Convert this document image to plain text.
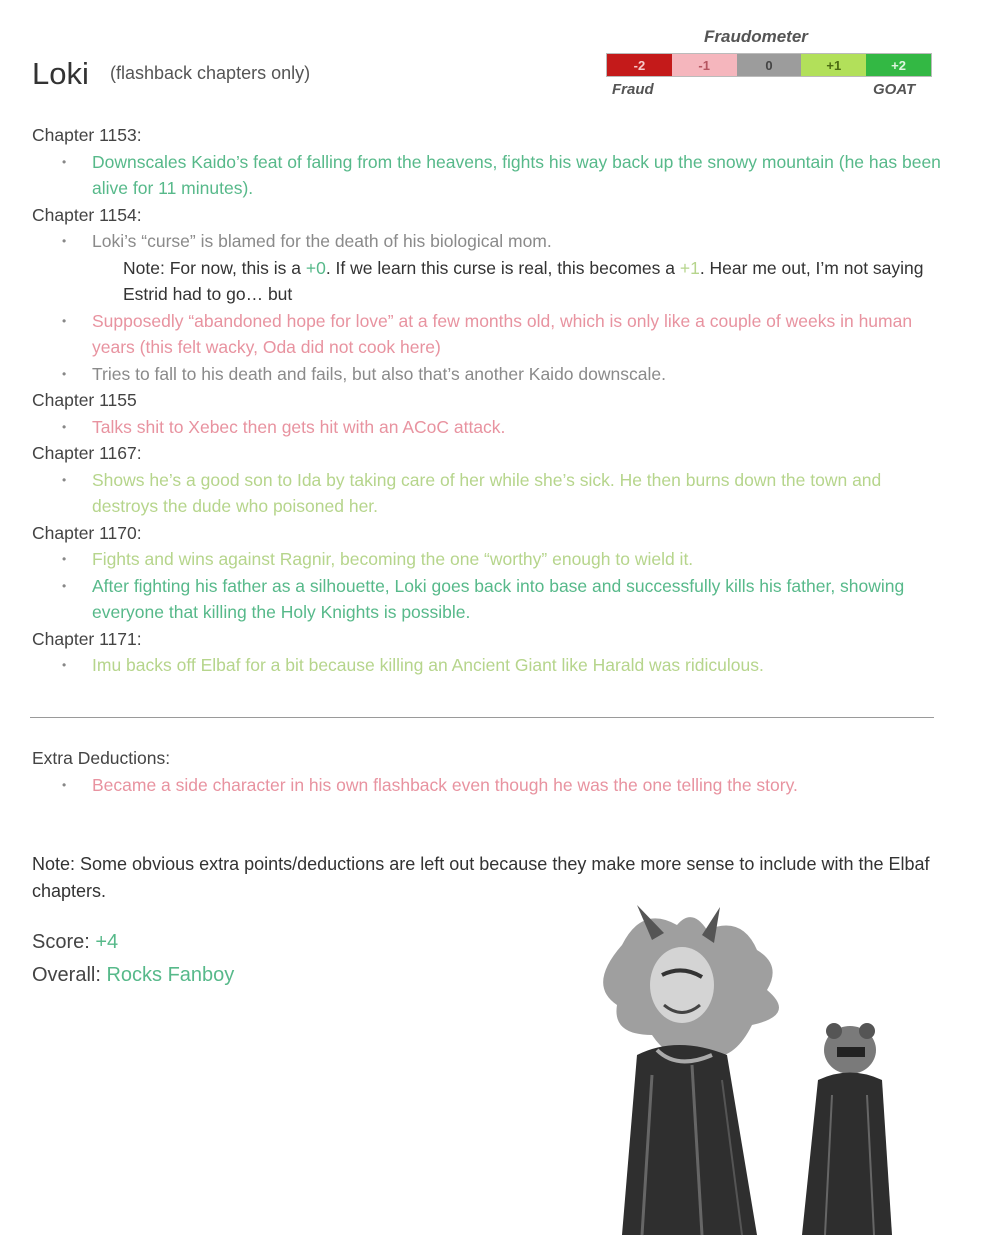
Loki (flashback chapters only)
Fraudometer
-2	-1	0	+1	+2
Fraud	GOAT

Chapter 1153:

• Downscales Kaido’s feat of falling from the heavens, fights his way back up the snowy mountain (he has been alive for 11 minutes).

Chapter 1154:

• Loki’s “curse” is blamed for the death of his biological mom.
Note: For now, this is a +0. If we learn this curse is real, this becomes a +1. Hear me out, I’m not saying Estrid had to go… but
• Supposedly “abandoned hope for love” at a few months old, which is only like a couple of weeks in human years (this felt wacky, Oda did not cook here)
• Tries to fall to his death and fails, but also that’s another Kaido downscale.

Chapter 1155

• Talks shit to Xebec then gets hit with an ACoC attack.

Chapter 1167:

• Shows he’s a good son to Ida by taking care of her while she’s sick. He then burns down the town and destroys the dude who poisoned her.

Chapter 1170:

• Fights and wins against Ragnir, becoming the one “worthy” enough to wield it.
• After fighting his father as a silhouette, Loki goes back into base and successfully kills his father, showing everyone that killing the Holy Knights is possible.

Chapter 1171:

• Imu backs off Elbaf for a bit because killing an Ancient Giant like Harald was ridiculous.

Extra Deductions:

• Became a side character in his own flashback even though he was the one telling the story.
Note: Some obvious extra points/deductions are left out because they make more sense to include with the Elbaf chapters.
Score: +4
Overall: Rocks Fanboy
